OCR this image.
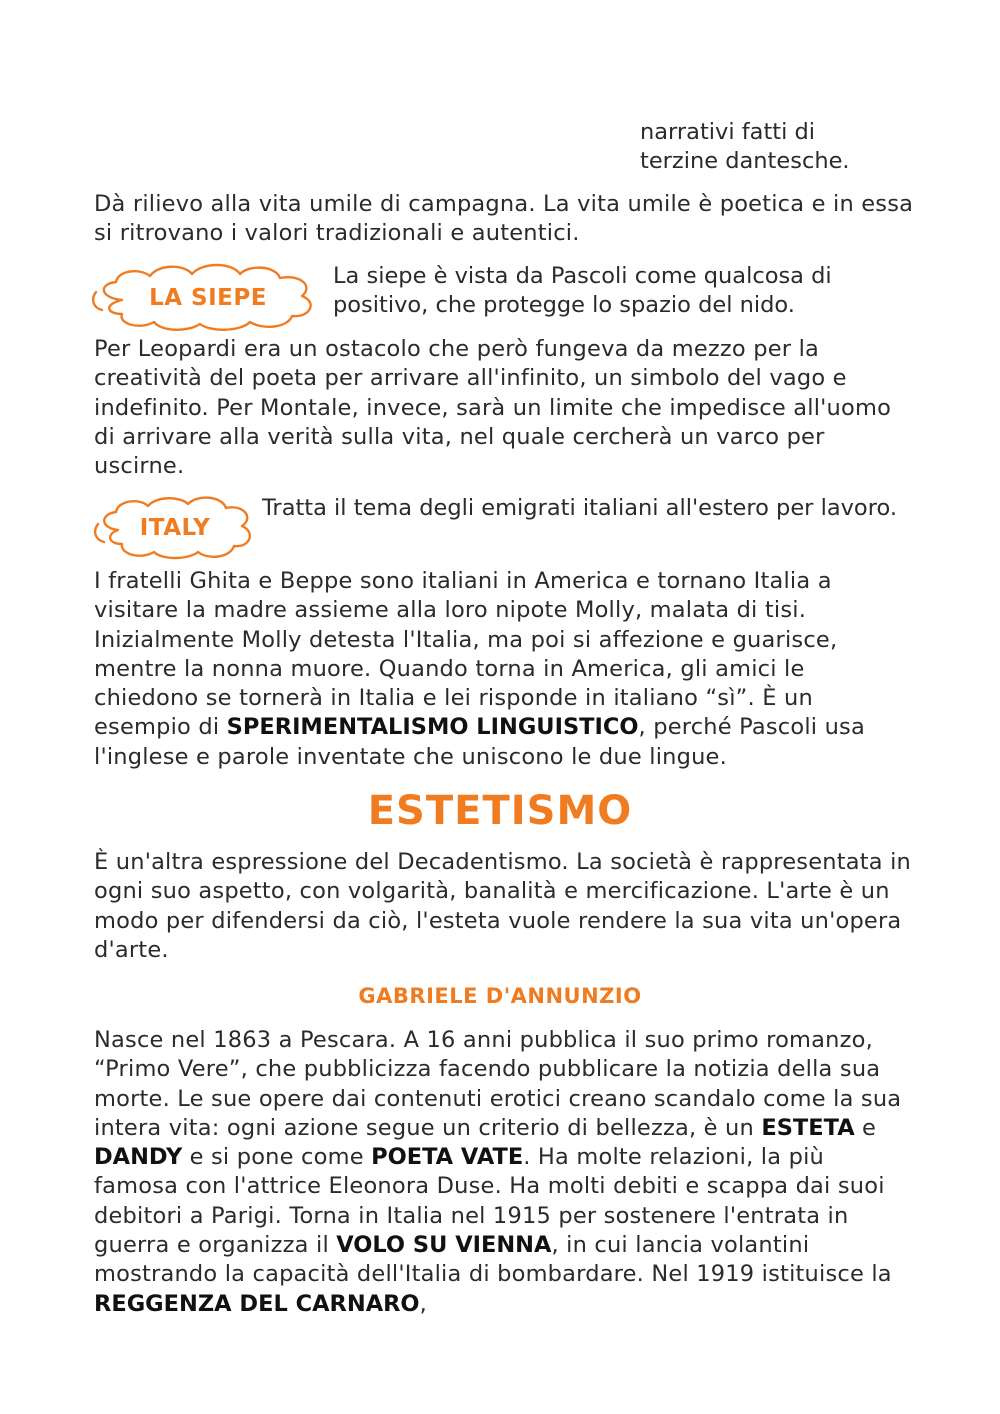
narrativi fatti di
terzine dantesche.

Dà rilievo alla vita umile di campagna. La vita umile è poetica e in essa si ritrovano i valori tradizionali e autentici.

LA SIEPE

La siepe è vista da Pascoli come qualcosa di positivo, che protegge lo spazio del nido.

Per Leopardi era un ostacolo che però fungeva da mezzo per la creatività del poeta per arrivare all'infinito, un simbolo del vago e indefinito. Per Montale, invece, sarà un limite che impedisce all'uomo di arrivare alla verità sulla vita, nel quale cercherà un varco per uscirne.

ITALY

Tratta il tema degli emigrati italiani all'estero per lavoro.

I fratelli Ghita e Beppe sono italiani in America e tornano Italia a visitare la madre assieme alla loro nipote Molly, malata di tisi. Inizialmente Molly detesta l'Italia, ma poi si affezione e guarisce, mentre la nonna muore. Quando torna in America, gli amici le chiedono se tornerà in Italia e lei risponde in italiano “sì”. È un esempio di SPERIMENTALISMO LINGUISTICO, perché Pascoli usa l'inglese e parole inventate che uniscono le due lingue.

ESTETISMO

È un'altra espressione del Decadentismo. La società è rappresentata in ogni suo aspetto, con volgarità, banalità e mercificazione. L'arte è un modo per difendersi da ciò, l'esteta vuole rendere la sua vita un'opera d'arte.

GABRIELE D'ANNUNZIO

Nasce nel 1863 a Pescara. A 16 anni pubblica il suo primo romanzo, “Primo Vere”, che pubblicizza facendo pubblicare la notizia della sua morte. Le sue opere dai contenuti erotici creano scandalo come la sua intera vita: ogni azione segue un criterio di bellezza, è un ESTETA e DANDY e si pone come POETA VATE. Ha molte relazioni, la più famosa con l'attrice Eleonora Duse. Ha molti debiti e scappa dai suoi debitori a Parigi. Torna in Italia nel 1915 per sostenere l'entrata in guerra e organizza il VOLO SU VIENNA, in cui lancia volantini mostrando la capacità dell'Italia di bombardare. Nel 1919 istituisce la REGGENZA DEL CARNARO,
